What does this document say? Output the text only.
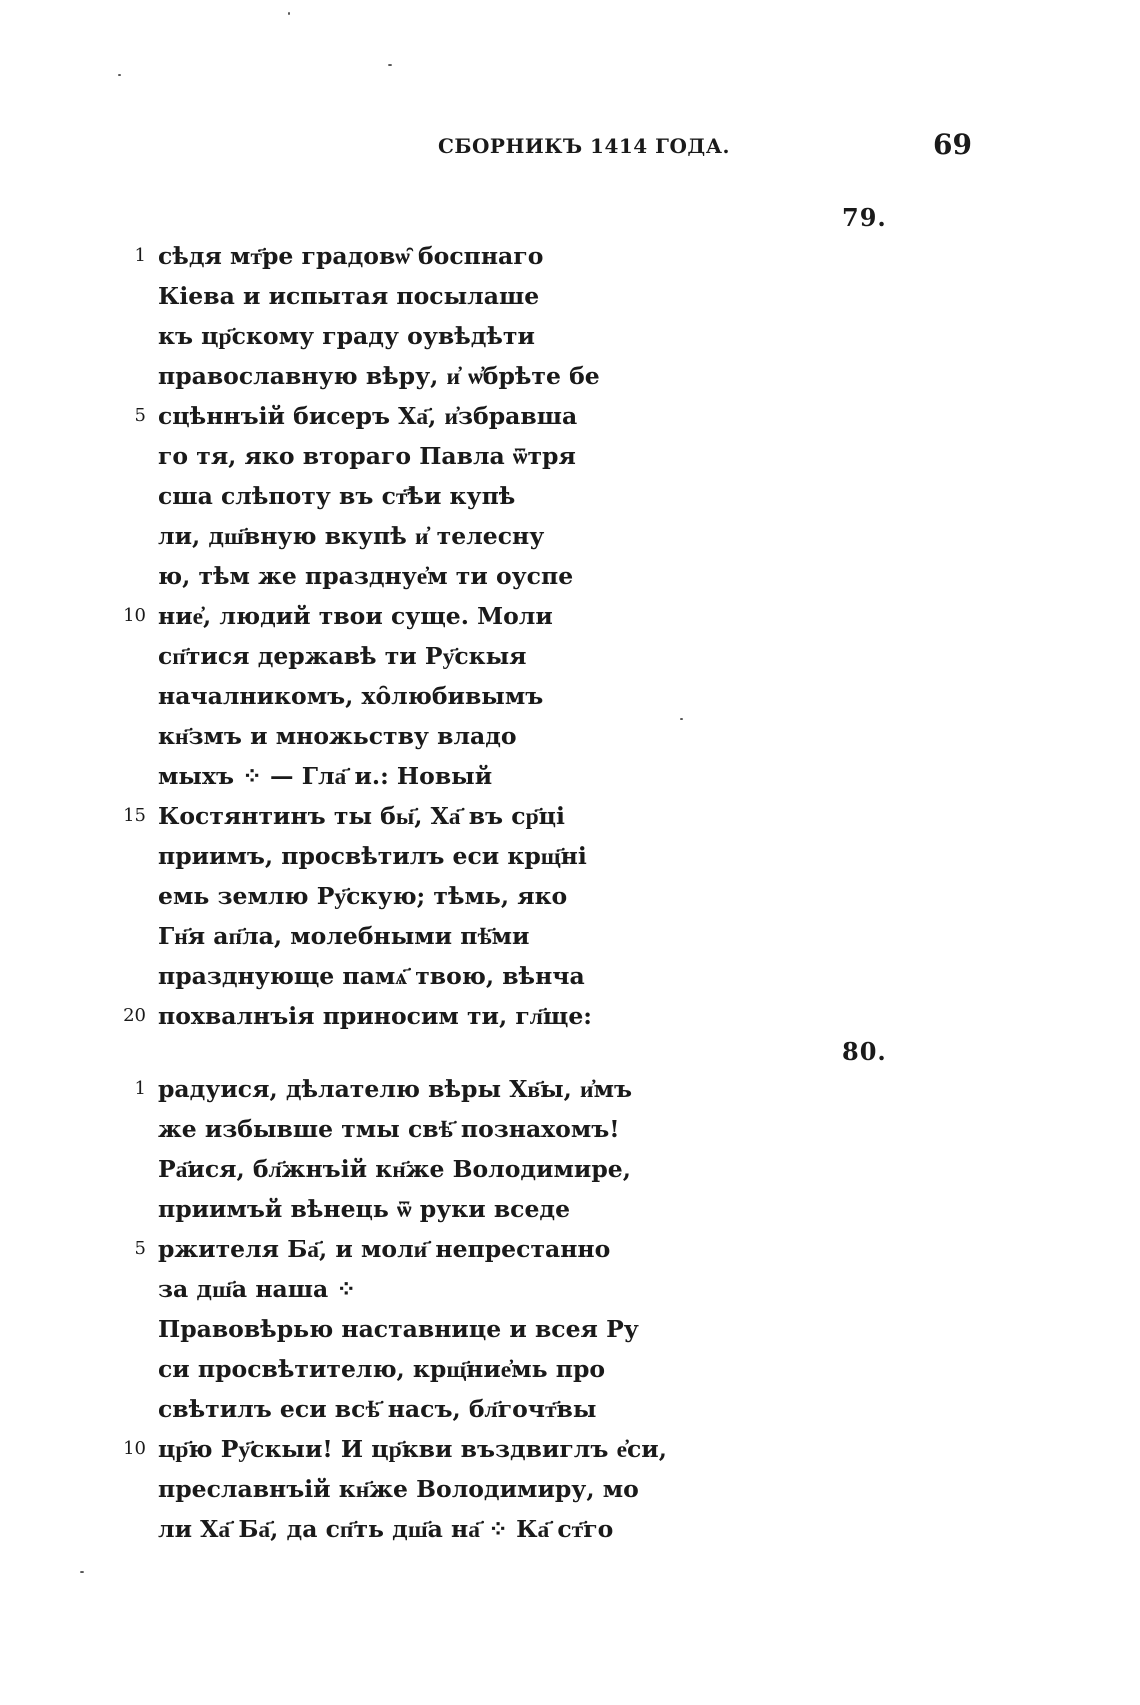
СБОРНИКЪ 1414 ГОДА.	69
79.
1 сѣдя мт҃ре градовѡ̑ боспнаго
Кіева и испытая посылаше
къ цр҃скому граду оувѣдѣти
православную вѣру, и҆ ѡ҆брѣте бе
5 сцѣннъій бисеръ Ха҃, и҆збравша
го тя, яко втораго Павла ѿтря
сша слѣпоту въ ст҃ѣи купѣ
ли, дш҃вную вкупѣ и҆ телесну
ю, тѣм же празднуе҆м ти оуспе
10 ние҆, людий твои суще. Моли
сп҃тися державѣ ти Ру҃скыя
началникомъ, хо̑любивымъ
кн҃змъ и множьству владо
мыхъ ⁘ — Гла҃ и.: Новый
15 Костянтинъ ты бы҃, Ха҃ въ ср҃ці
приимъ, просвѣтилъ еси крщ҃ні
емь землю Ру҃скую; тѣмь, яко
Гн҃я ап҃ла, молебными пѣ҃ми
празднующе памѧ҃ твою, вѣнча
20 похвалнъія приносим ти, гл҃ще:
80.
1 радуися, дѣлателю вѣры Хв҃ы, и҆мъ
же избывше тмы свѣ҃ познахомъ!
Ра҃ися, бл҃жнъій кн҃же Володимире,
приимъй вѣнець ѿ руки вседе
5 ржителя Ба҃, и моли҃ непрестанно
за дш҃а наша ⁘
Правовѣрью наставнице и всея Ру
си просвѣтителю, крщ҃ние҆мь про
свѣтилъ еси всѣ҃ насъ, бл҃гочт҃вы
10 цр҃ю Ру҃скыи! И цр҃кви въздвиглъ е҆си,
преславнъій кн҃же Володимиру, мо
ли Ха҃ Ба҃, да сп҃ть дш҃а на҃ ⁘ Ка҃ ст҃го
